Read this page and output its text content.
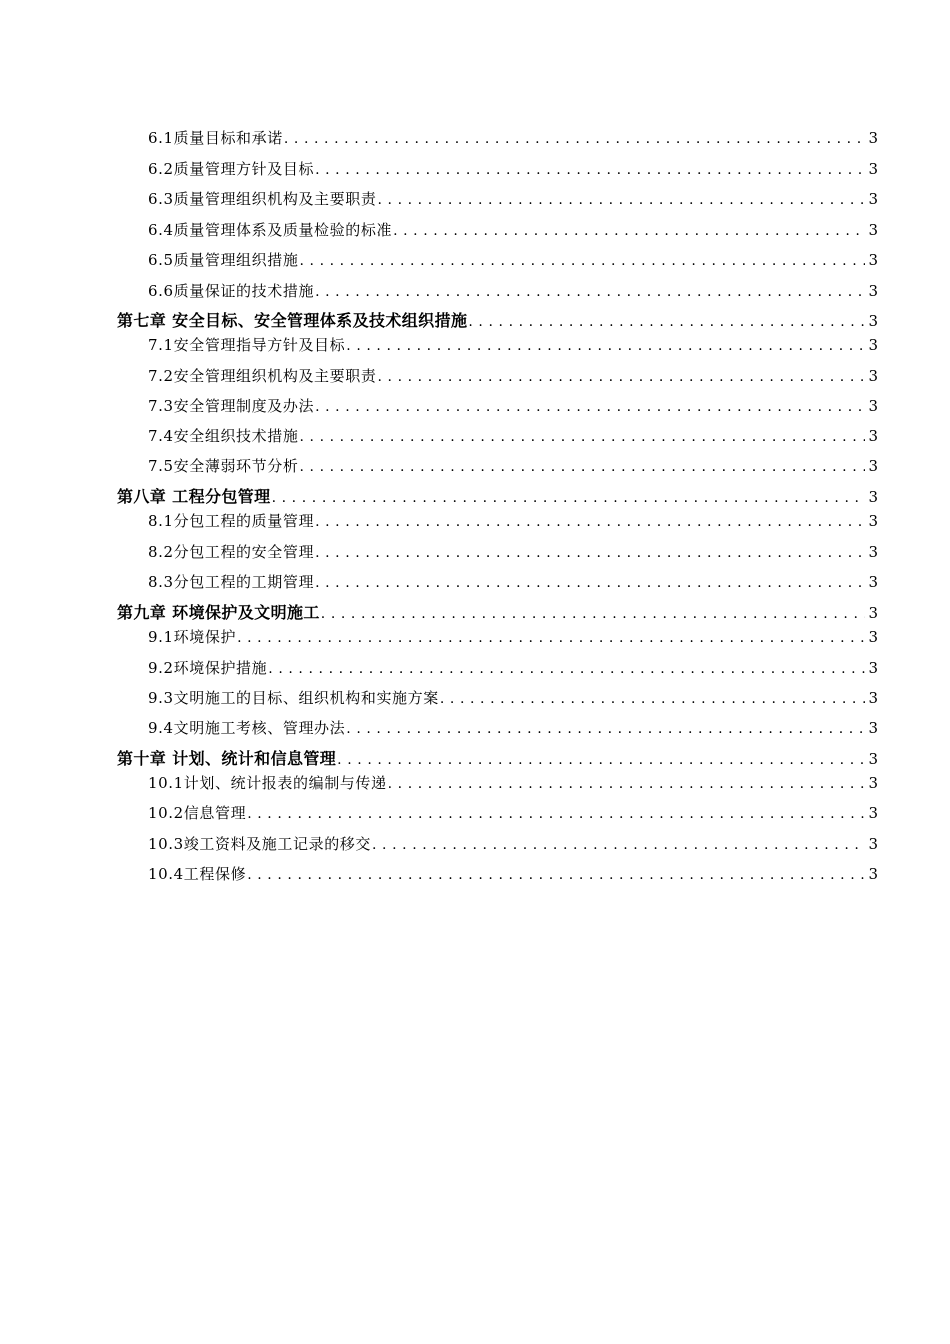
6.1质量目标和承诺 .....	3
6.2质量管理方针及目标 .....	3
6.3质量管理组织机构及主要职责 .....	3
6.4质量管理体系及质量检验的标准 .....	3
6.5质量管理组织措施 .....	3
6.6质量保证的技术措施 .....	3
第七章 安全目标、安全管理体系及技术组织措施 .....	3
7.1安全管理指导方针及目标 .....	3
7.2安全管理组织机构及主要职责 .....	3
7.3安全管理制度及办法 .....	3
7.4安全组织技术措施 .....	3
7.5安全薄弱环节分析 .....	3
第八章 工程分包管理 .....	3
8.1分包工程的质量管理 .....	3
8.2分包工程的安全管理 .....	3
8.3分包工程的工期管理 .....	3
第九章 环境保护及文明施工 .....	3
9.1环境保护 .....	3
9.2环境保护措施 .....	3
9.3文明施工的目标、组织机构和实施方案 .....	3
9.4文明施工考核、管理办法 .....	3
第十章 计划、统计和信息管理 .....	3
10.1计划、统计报表的编制与传递 .....	3
10.2信息管理 .....	3
10.3竣工资料及施工记录的移交 .....	3
10.4工程保修 .....	3
